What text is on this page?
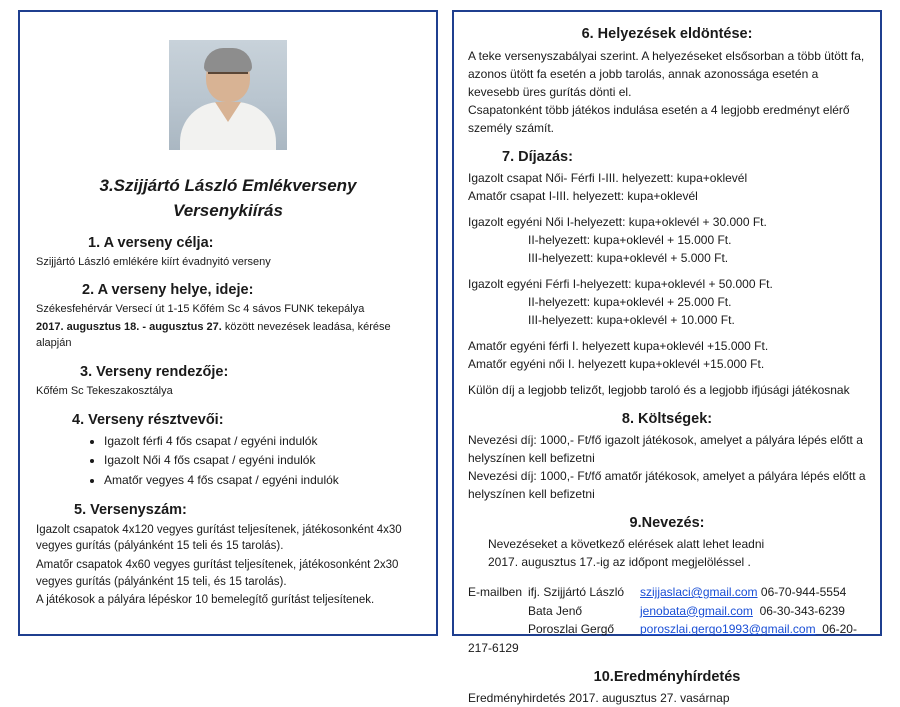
3.Szijjártó László Emlékverseny
Versenykiírás
1. A verseny célja:
Szijjártó László emlékére kiírt évadnyitó verseny
2. A verseny helye, ideje:
Székesfehérvár Versecí út 1-15 Kőfém Sc 4 sávos FUNK tekepálya
2017. augusztus 18. - augusztus 27. között nevezések leadása, kérése alapján
3. Verseny rendezője:
Kőfém Sc Tekeszakosztálya
4. Verseny résztvevői:
• Igazolt férfi 4 fős csapat / egyéni indulók
• Igazolt Női 4 fős csapat / egyéni indulók
• Amatőr vegyes 4 fős csapat / egyéni indulók
5. Versenyszám:
Igazolt csapatok 4x120 vegyes gurítást teljesítenek, játékosonként 4x30 vegyes gurítás (pályánként 15 teli és 15 tarolás).
Amatőr csapatok 4x60 vegyes gurítást teljesítenek, játékosonként 2x30 vegyes gurítás (pályánként 15 teli, és 15 tarolás).
A játékosok a pályára lépéskor 10 bemelegítő gurítást teljesítenek.
6. Helyezések eldöntése:
A teke versenyszabályai szerint. A helyezéseket elsősorban a több ütött fa, azonos ütött fa esetén a jobb tarolás, annak azonossága esetén a kevesebb üres gurítás dönti el.
Csapatonként több játékos indulása esetén a 4 legjobb eredményt elérő személy számít.
7. Díjazás:
Igazolt csapat Női- Férfi I-III. helyezett: kupa+oklevél
Amatőr csapat I-III. helyezett: kupa+oklevél
Igazolt egyéni Női I-helyezett: kupa+oklevél + 30.000 Ft.
II-helyezett: kupa+oklevél + 15.000 Ft.
III-helyezett: kupa+oklevél + 5.000 Ft.
Igazolt egyéni Férfi I-helyezett: kupa+oklevél + 50.000 Ft.
II-helyezett: kupa+oklevél + 25.000 Ft.
III-helyezett: kupa+oklevél + 10.000 Ft.
Amatőr egyéni férfi I. helyezett kupa+oklevél +15.000 Ft.
Amatőr egyéni női I. helyezett kupa+oklevél +15.000 Ft.
Külön díj a legjobb telizőt, legjobb taroló és a legjobb ifjúsági játékosnak
8. Költségek:
Nevezési díj: 1000,- Ft/fő igazolt játékosok, amelyet a pályára lépés előtt a helyszínen kell befizetni
Nevezési díj: 1000,- Ft/fő amatőr játékosok, amelyet a pályára lépés előtt a helyszínen kell befizetni
9.Nevezés:
Nevezéseket a következő elérések alatt lehet leadni
2017. augusztus 17.-ig az időpont megjelöléssel .
E-mailben ifj. Szijjártó László szijjaslaci@gmail.com 06-70-944-5554
Bata Jenő	jenobata@gmail.com 06-30-343-6239
Poroszlai Gergő poroszlai.gergo1993@gmail.com 06-20-217-6129
10.Eredményhírdetés
Eredményhirdetés 2017. augusztus 27. vasárnap
